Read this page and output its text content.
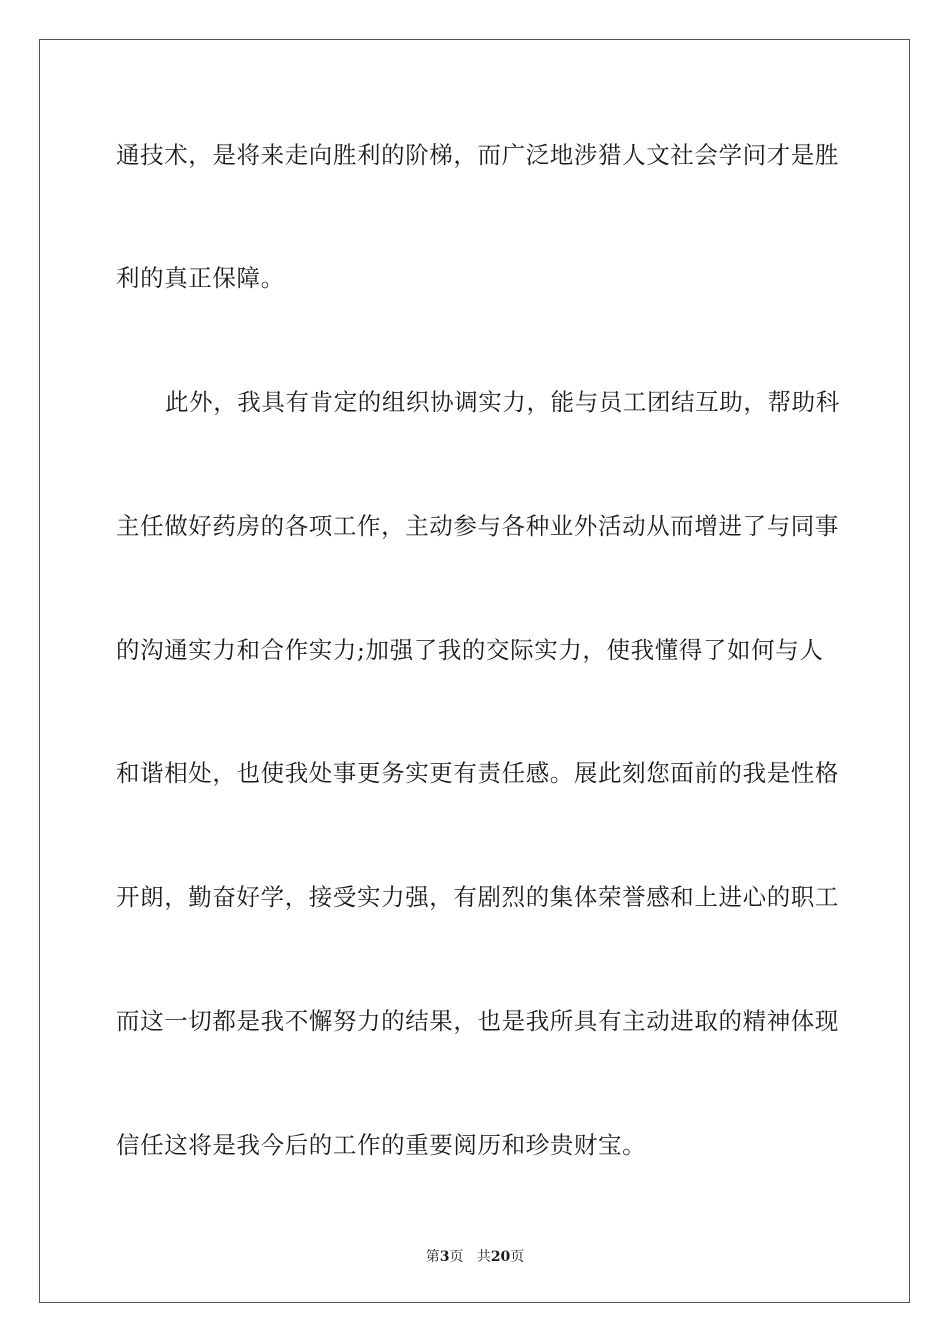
通技术，是将来走向胜利的阶梯，而广泛地涉猎人文社会学问才是胜
利的真正保障。
此外，我具有肯定的组织协调实力，能与员工团结互助，帮助科
主任做好药房的各项工作，主动参与各种业外活动从而增进了与同事
的沟通实力和合作实力;加强了我的交际实力，使我懂得了如何与人
和谐相处，也使我处事更务实更有责任感。展此刻您面前的我是性格
开朗，勤奋好学，接受实力强，有剧烈的集体荣誉感和上进心的职工
而这一切都是我不懈努力的结果，也是我所具有主动进取的精神体现
信任这将是我今后的工作的重要阅历和珍贵财宝。
第3页 共20页
